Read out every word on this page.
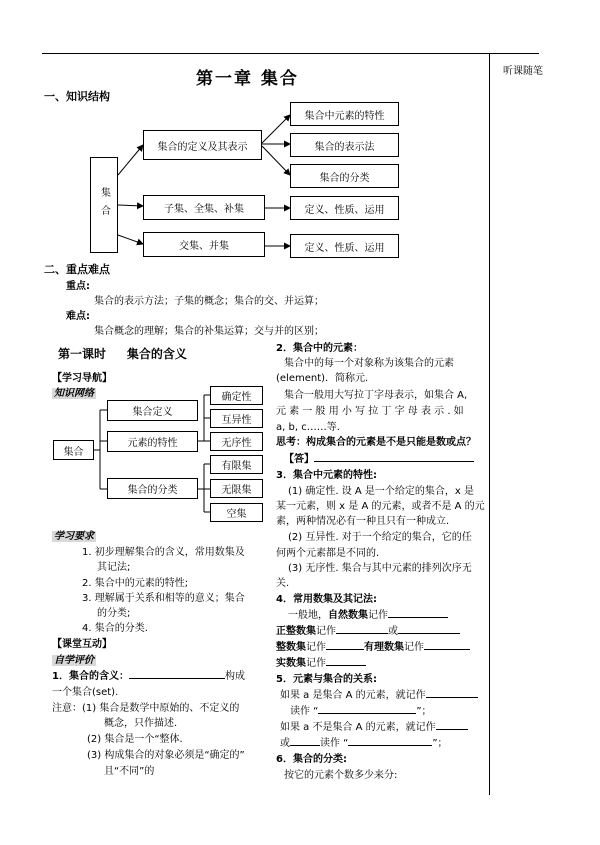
听课随笔
第一章 集合
一、知识结构
集合
集合的定义及其表示
子集、全集、补集
交集、并集
集合中元素的特性
集合的表示法
集合的分类
定义、性质、运用
定义、性质、运用
二、重点难点
重点:
集合的表示方法；子集的概念；集合的交、并运算；
难点:
集合概念的理解；集合的补集运算；交与并的区别；
第一课时     集合的含义
【学习导航】
知识网络
集合
集合定义
元素的特性
集合的分类
确定性
互异性
无序性
有限集
无限集
空集
学习要求
1. 初步理解集合的含义，常用数集及
其记法;
2. 集合中的元素的特性;
3. 理解属于关系和相等的意义；集合
的分类;
4. 集合的分类.
【课堂互动】
自学评价
1．集合的含义：	构成
一个集合(set).
注意：(1) 集合是数学中原始的、不定义的
概念，只作描述.
(2) 集合是一个“整体.
(3) 构成集合的对象必须是“确定的”
且“不同”的
2．集合中的元素：
集合中的每一个对象称为该集合的元素
(element)．简称元.
集合一般用大写拉丁字母表示，如集合 A,
元 素 一 般 用 小 写 拉 丁 字 母 表 示 . 如
a, b, c……等.
思考：构成集合的元素是不是只能是数或点？
【答】
3．集合中元素的特性:
(1) 确定性. 设 A 是一个给定的集合，x 是
某一元素，则 x 是 A 的元素，或者不是 A 的元
素，两种情况必有一种且只有一种成立.
(2) 互异性. 对于一个给定的集合，它的任
何两个元素都是不同的.
(3) 无序性. 集合与其中元素的排列次序无
关.
4．常用数集及其记法:
一般地，自然数集记作
正整数集记作	或
整数集记作	有理数集记作
实数集记作
5．元素与集合的关系:
如果 a 是集合 A 的元素，就记作
读作 “	”；
如果 a 不是集合 A 的元素，就记作
或	读作 “	”；
6．集合的分类:
按它的元素个数多少来分:
